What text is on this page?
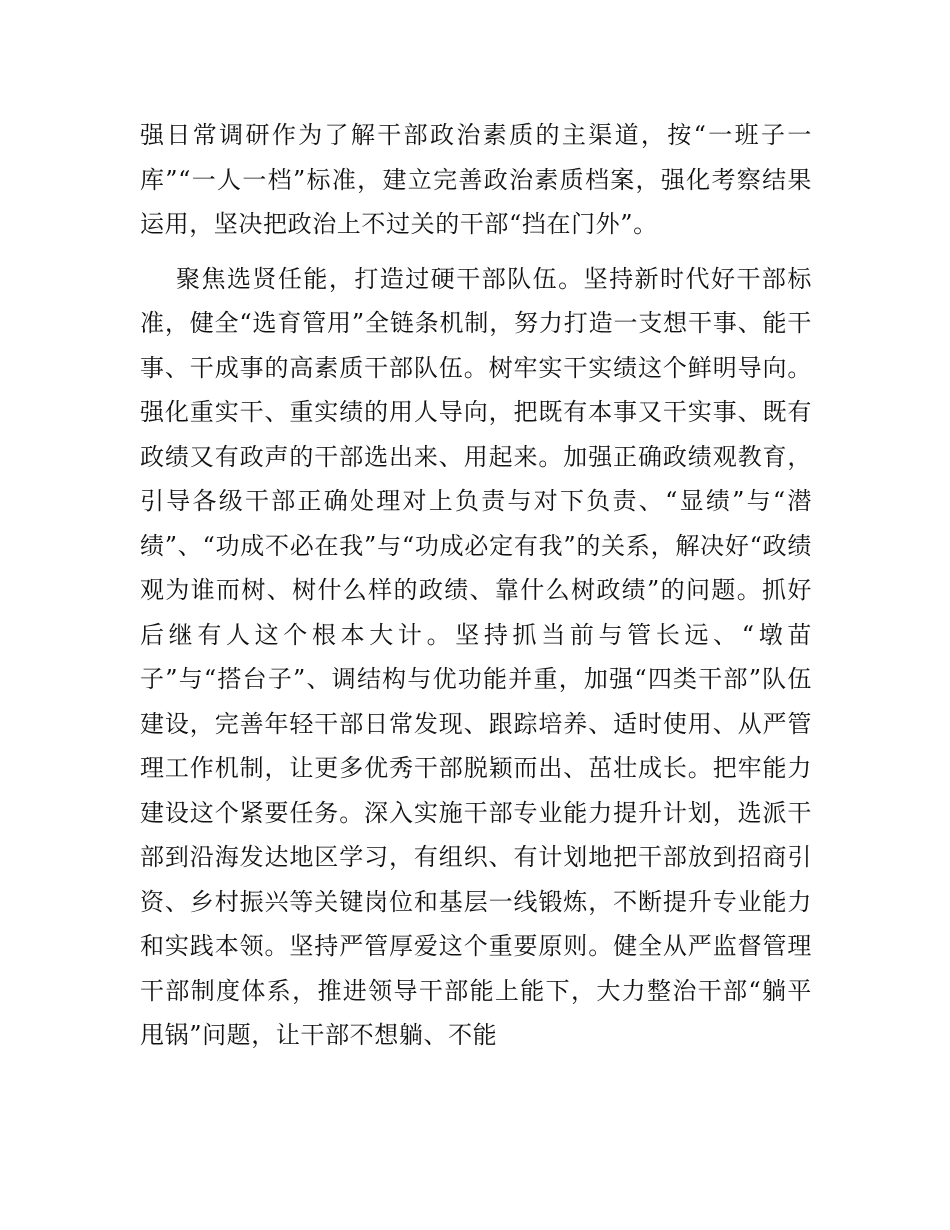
强日常调研作为了解干部政治素质的主渠道，按“一班子一库”“一人一档”标准，建立完善政治素质档案，强化考察结果运用，坚决把政治上不过关的干部“挡在门外”。

聚焦选贤任能，打造过硬干部队伍。坚持新时代好干部标准，健全“选育管用”全链条机制，努力打造一支想干事、能干事、干成事的高素质干部队伍。树牢实干实绩这个鲜明导向。强化重实干、重实绩的用人导向，把既有本事又干实事、既有政绩又有政声的干部选出来、用起来。加强正确政绩观教育，引导各级干部正确处理对上负责与对下负责、“显绩”与“潜绩”、“功成不必在我”与“功成必定有我”的关系，解决好“政绩观为谁而树、树什么样的政绩、靠什么树政绩”的问题。抓好后继有人这个根本大计。坚持抓当前与管长远、“墩苗子”与“搭台子”、调结构与优功能并重，加强“四类干部”队伍建设，完善年轻干部日常发现、跟踪培养、适时使用、从严管理工作机制，让更多优秀干部脱颖而出、茁壮成长。把牢能力建设这个紧要任务。深入实施干部专业能力提升计划，选派干部到沿海发达地区学习，有组织、有计划地把干部放到招商引资、乡村振兴等关键岗位和基层一线锻炼，不断提升专业能力和实践本领。坚持严管厚爱这个重要原则。健全从严监督管理干部制度体系，推进领导干部能上能下，大力整治干部“躺平甩锅”问题，让干部不想躺、不能
